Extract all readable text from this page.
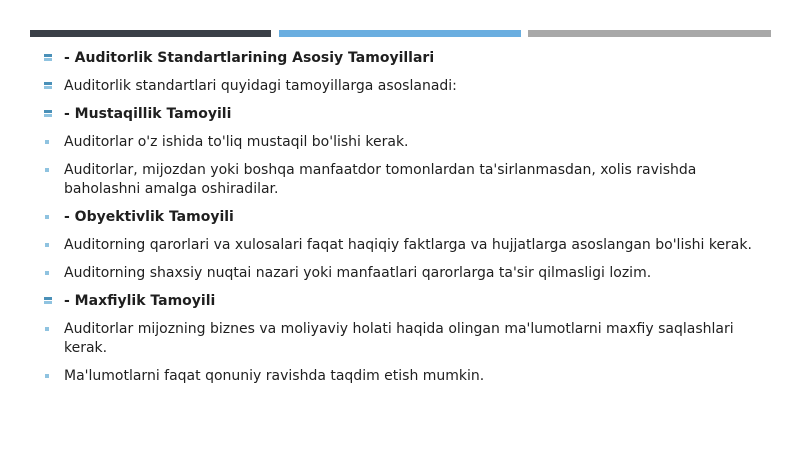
- Auditorlik Standartlarining Asosiy Tamoyillari
Auditorlik standartlari quyidagi tamoyillarga asoslanadi:
- Mustaqillik Tamoyili
Auditorlar o'z ishida to'liq mustaqil bo'lishi kerak.
Auditorlar, mijozdan yoki boshqa manfaatdor tomonlardan ta'sirlanmasdan, xolis ravishda baholashni amalga oshiradilar.
- Obyektivlik Tamoyili
Auditorning qarorlari va xulosalari faqat haqiqiy faktlarga va hujjatlarga asoslangan bo'lishi kerak.
Auditorning shaxsiy nuqtai nazari yoki manfaatlari qarorlarga ta'sir qilmasligi lozim.
- Maxfiylik Tamoyili
Auditorlar mijozning biznes va moliyaviy holati haqida olingan ma'lumotlarni maxfiy saqlashlari kerak.
Ma'lumotlarni faqat qonuniy ravishda taqdim etish mumkin.
